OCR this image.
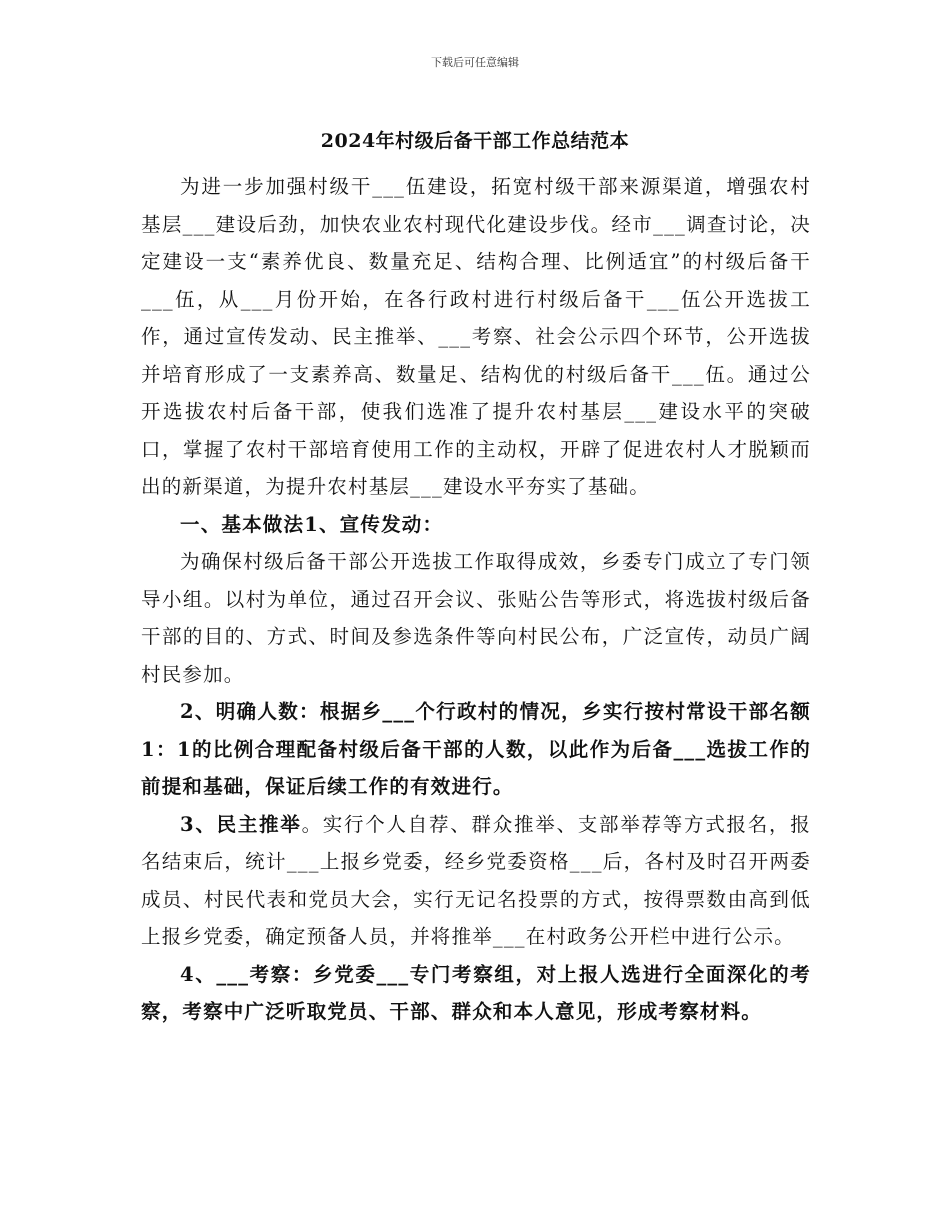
下载后可任意编辑
2024年村级后备干部工作总结范本

为进一步加强村级干___伍建设，拓宽村级干部来源渠道，增强农村基层___建设后劲，加快农业农村现代化建设步伐。经市___调查讨论，决定建设一支“素养优良、数量充足、结构合理、比例适宜”的村级后备干___伍，从___月份开始，在各行政村进行村级后备干___伍公开选拔工作，通过宣传发动、民主推举、___考察、社会公示四个环节，公开选拔并培育形成了一支素养高、数量足、结构优的村级后备干___伍。通过公开选拔农村后备干部，使我们选准了提升农村基层___建设水平的突破口，掌握了农村干部培育使用工作的主动权，开辟了促进农村人才脱颖而出的新渠道，为提升农村基层___建设水平夯实了基础。

一、基本做法1、宣传发动：

为确保村级后备干部公开选拔工作取得成效，乡委专门成立了专门领导小组。以村为单位，通过召开会议、张贴公告等形式，将选拔村级后备干部的目的、方式、时间及参选条件等向村民公布，广泛宣传，动员广阔村民参加。

2、明确人数：根据乡___个行政村的情况，乡实行按村常设干部名额1：1的比例合理配备村级后备干部的人数，以此作为后备___选拔工作的前提和基础，保证后续工作的有效进行。

3、民主推举。实行个人自荐、群众推举、支部举荐等方式报名，报名结束后，统计___上报乡党委，经乡党委资格___后，各村及时召开两委成员、村民代表和党员大会，实行无记名投票的方式，按得票数由高到低上报乡党委，确定预备人员，并将推举___在村政务公开栏中进行公示。

4、___考察：乡党委___专门考察组，对上报人选进行全面深化的考察，考察中广泛听取党员、干部、群众和本人意见，形成考察材料。
